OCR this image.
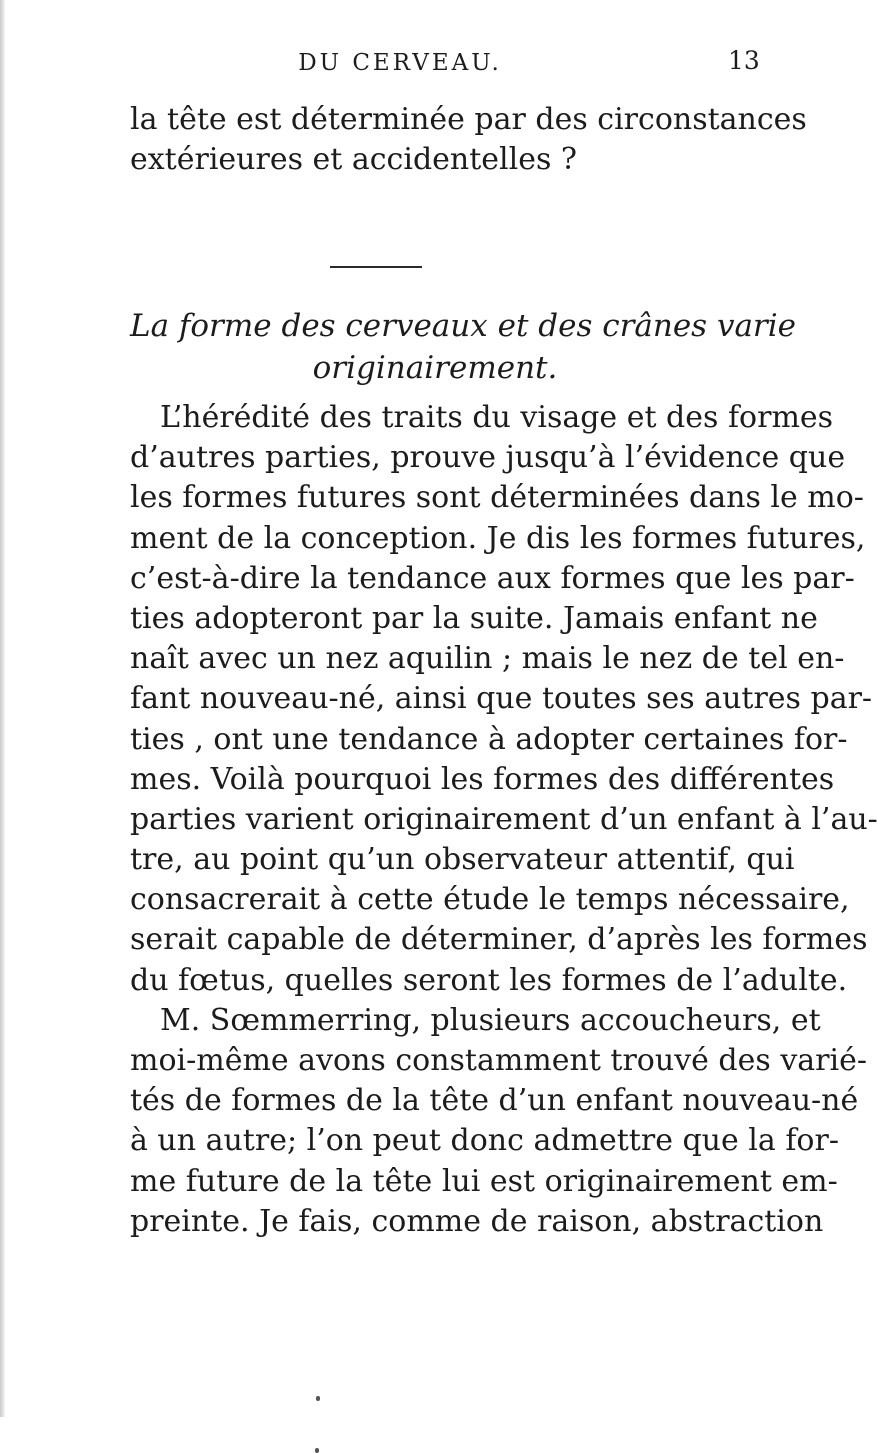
DU CERVEAU.	13
la tête est déterminée par des circonstances
extérieures et accidentelles ?
La forme des cerveaux et des crânes varie
originairement.
L’hérédité des traits du visage et des formes
d’autres parties, prouve jusqu’à l’évidence que
les formes futures sont déterminées dans le mo-
ment de la conception. Je dis les formes futures,
c’est-à-dire la tendance aux formes que les par-
ties adopteront par la suite. Jamais enfant ne
naît avec un nez aquilin ; mais le nez de tel en-
fant nouveau-né, ainsi que toutes ses autres par-
ties , ont une tendance à adopter certaines for-
mes. Voilà pourquoi les formes des différentes
parties varient originairement d’un enfant à l’au-
tre, au point qu’un observateur attentif, qui
consacrerait à cette étude le temps nécessaire,
serait capable de déterminer, d’après les formes
du fœtus, quelles seront les formes de l’adulte.
M. Sœmmerring, plusieurs accoucheurs, et
moi-même avons constamment trouvé des varié-
tés de formes de la tête d’un enfant nouveau-né
à un autre; l’on peut donc admettre que la for-
me future de la tête lui est originairement em-
preinte. Je fais, comme de raison, abstraction
